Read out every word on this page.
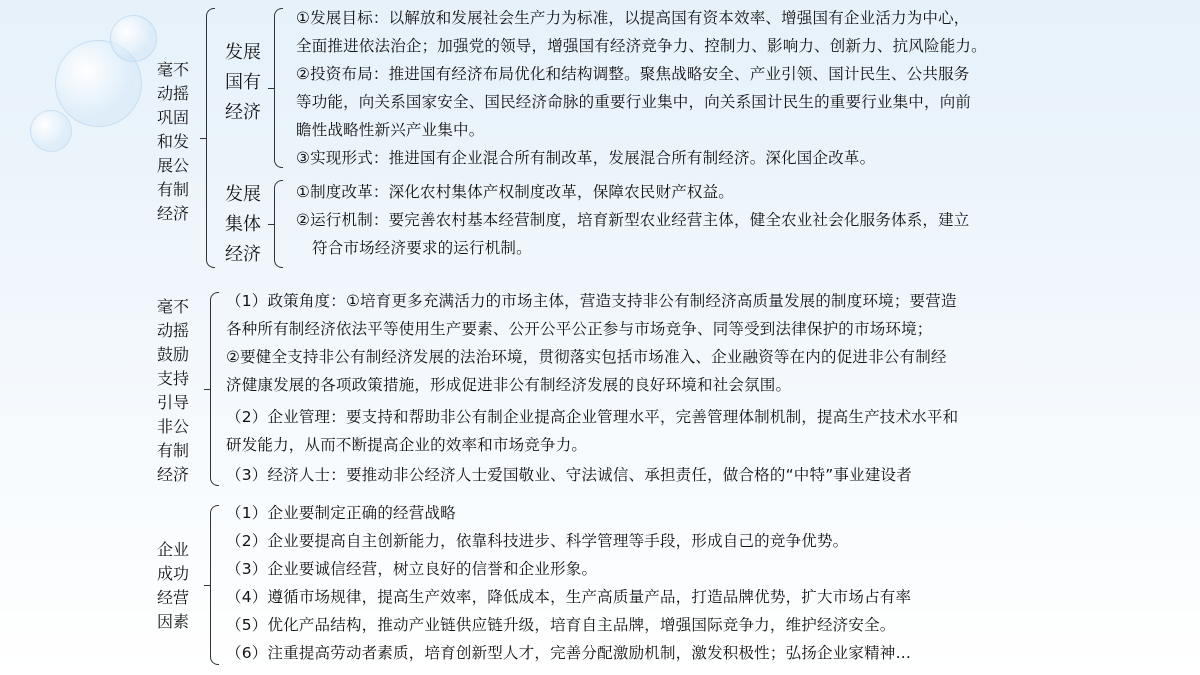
毫不
动摇
巩固
和发
展公
有制
经济
发展
国有
经济
①发展目标：以解放和发展社会生产力为标准，以提高国有资本效率、增强国有企业活力为中心，
全面推进依法治企；加强党的领导，增强国有经济竞争力、控制力、影响力、创新力、抗风险能力。
②投资布局：推进国有经济布局优化和结构调整。聚焦战略安全、产业引领、国计民生、公共服务
等功能，向关系国家安全、国民经济命脉的重要行业集中，向关系国计民生的重要行业集中，向前
瞻性战略性新兴产业集中。
③实现形式：推进国有企业混合所有制改革，发展混合所有制经济。深化国企改革。
发展
集体
经济
①制度改革：深化农村集体产权制度改革，保障农民财产权益。
②运行机制：要完善农村基本经营制度，培育新型农业经营主体，健全农业社会化服务体系，建立
符合市场经济要求的运行机制。
毫不
动摇
鼓励
支持
引导
非公
有制
经济
（1）政策角度：①培育更多充满活力的市场主体，营造支持非公有制经济高质量发展的制度环境；要营造
各种所有制经济依法平等使用生产要素、公开公平公正参与市场竞争、同等受到法律保护的市场环境；
②要健全支持非公有制经济发展的法治环境，贯彻落实包括市场准入、企业融资等在内的促进非公有制经
济健康发展的各项政策措施，形成促进非公有制经济发展的良好环境和社会氛围。
（2）企业管理：要支持和帮助非公有制企业提高企业管理水平，完善管理体制机制，提高生产技术水平和
研发能力，从而不断提高企业的效率和市场竞争力。
（3）经济人士：要推动非公经济人士爱国敬业、守法诚信、承担责任，做合格的“中特”事业建设者
企业
成功
经营
因素
（1）企业要制定正确的经营战略
（2）企业要提高自主创新能力，依靠科技进步、科学管理等手段，形成自己的竞争优势。
（3）企业要诚信经营，树立良好的信誉和企业形象。
（4）遵循市场规律，提高生产效率，降低成本，生产高质量产品，打造品牌优势，扩大市场占有率
（5）优化产品结构，推动产业链供应链升级，培育自主品牌，增强国际竞争力，维护经济安全。
（6）注重提高劳动者素质，培育创新型人才，完善分配激励机制，激发积极性；弘扬企业家精神…
